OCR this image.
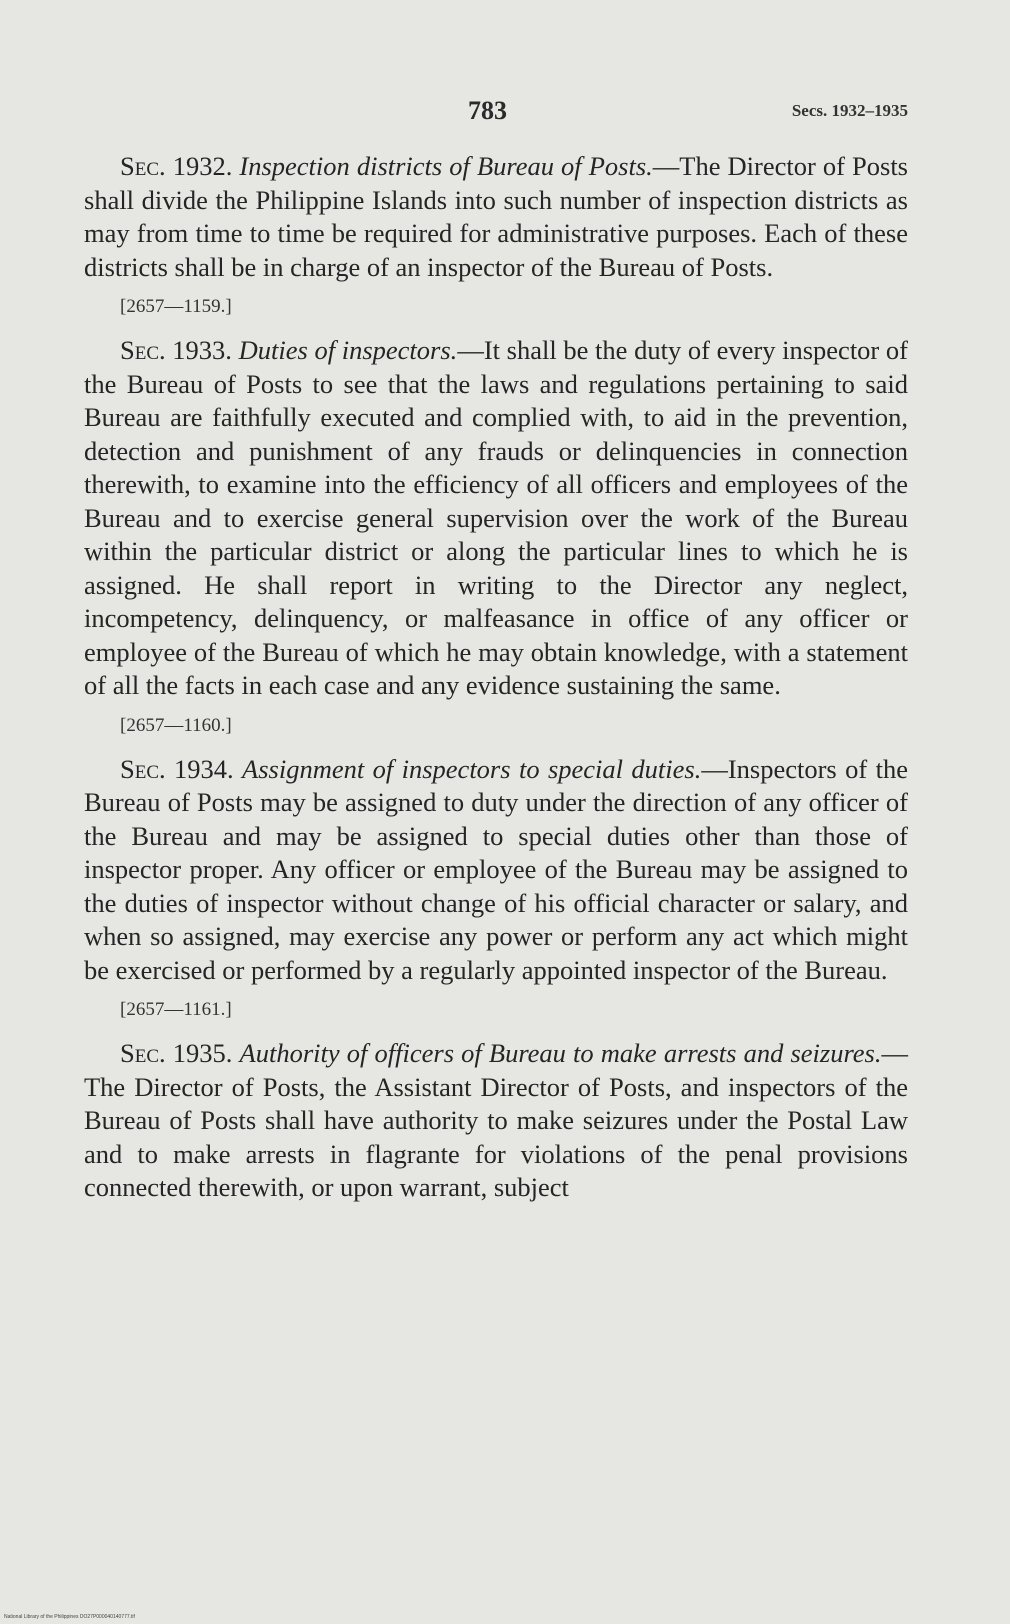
783	Secs. 1932–1935

Sec. 1932. Inspection districts of Bureau of Posts.—The Director of Posts shall divide the Philippine Islands into such number of inspection districts as may from time to time be required for administrative purposes. Each of these districts shall be in charge of an inspector of the Bureau of Posts.

[2657—1159.]

Sec. 1933. Duties of inspectors.—It shall be the duty of every inspector of the Bureau of Posts to see that the laws and regulations pertaining to said Bureau are faithfully executed and complied with, to aid in the prevention, detection and punishment of any frauds or delinquencies in connection therewith, to examine into the efficiency of all officers and employees of the Bureau and to exercise general supervision over the work of the Bureau within the particular district or along the particular lines to which he is assigned. He shall report in writing to the Director any neglect, incompetency, delinquency, or malfeasance in office of any officer or employee of the Bureau of which he may obtain knowledge, with a statement of all the facts in each case and any evidence sustaining the same.

[2657—1160.]

Sec. 1934. Assignment of inspectors to special duties.—Inspectors of the Bureau of Posts may be assigned to duty under the direction of any officer of the Bureau and may be assigned to special duties other than those of inspector proper. Any officer or employee of the Bureau may be assigned to the duties of inspector without change of his official character or salary, and when so assigned, may exercise any power or perform any act which might be exercised or performed by a regularly appointed inspector of the Bureau.

[2657—1161.]

Sec. 1935. Authority of officers of Bureau to make arrests and seizures.—The Director of Posts, the Assistant Director of Posts, and inspectors of the Bureau of Posts shall have authority to make seizures under the Postal Law and to make arrests in flagrante for violations of the penal provisions connected therewith, or upon warrant, subject

National Library of the Philippines DO27P000040140777.tif
